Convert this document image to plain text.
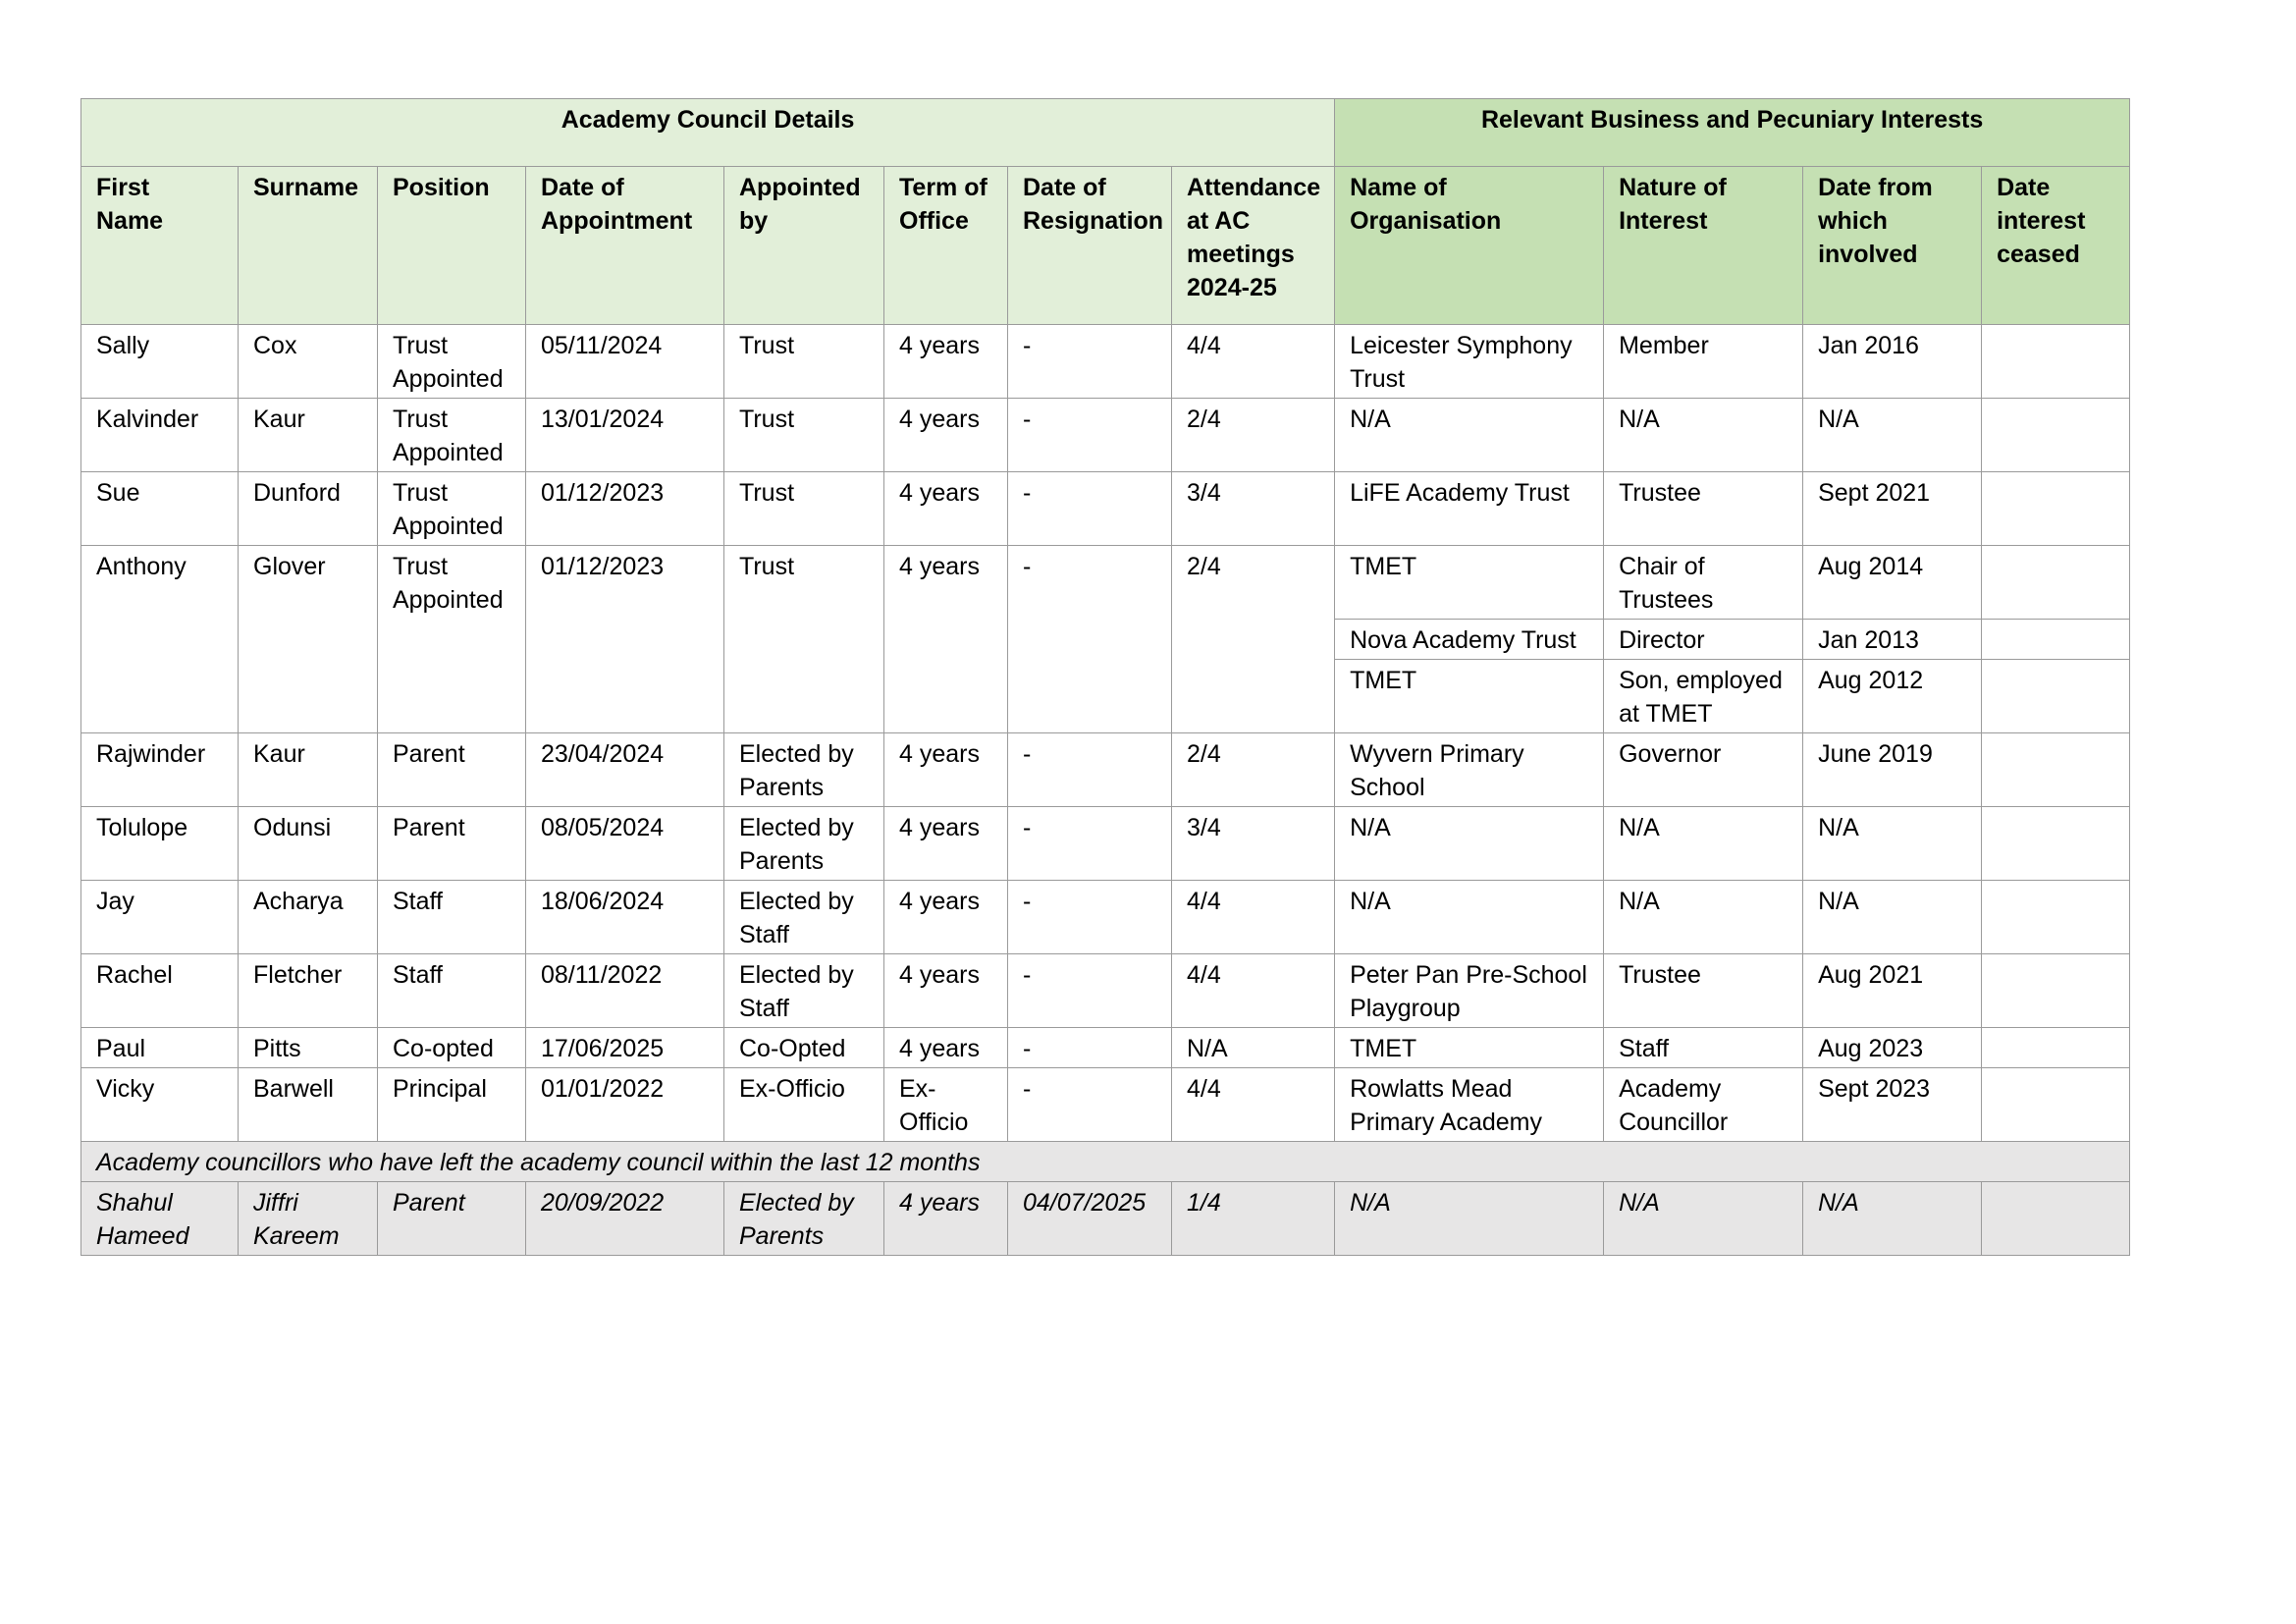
Academy Council Details								Relevant Business and Pecuniary Interests			
First Name	Surname	Position	Date of Appointment	Appointed by	Term of Office	Date of Resignation	Attendance at AC meetings 2024-25	Name of Organisation	Nature of Interest	Date from which involved	Date interest ceased
Sally	Cox	Trust Appointed	05/11/2024	Trust	4 years	-	4/4	Leicester Symphony Trust	Member	Jan 2016	
Kalvinder	Kaur	Trust Appointed	13/01/2024	Trust	4 years	-	2/4	N/A	N/A	N/A	
Sue	Dunford	Trust Appointed	01/12/2023	Trust	4 years	-	3/4	LiFE Academy Trust	Trustee	Sept 2021	
Anthony	Glover	Trust Appointed	01/12/2023	Trust	4 years	-	2/4	TMET	Chair of Trustees	Aug 2014	
								Nova Academy Trust	Director	Jan 2013	
								TMET	Son, employed at TMET	Aug 2012	
Rajwinder	Kaur	Parent	23/04/2024	Elected by Parents	4 years	-	2/4	Wyvern Primary School	Governor	June 2019	
Tolulope	Odunsi	Parent	08/05/2024	Elected by Parents	4 years	-	3/4	N/A	N/A	N/A	
Jay	Acharya	Staff	18/06/2024	Elected by Staff	4 years	-	4/4	N/A	N/A	N/A	
Rachel	Fletcher	Staff	08/11/2022	Elected by Staff	4 years	-	4/4	Peter Pan Pre-School Playgroup	Trustee	Aug 2021	
Paul	Pitts	Co-opted	17/06/2025	Co-Opted	4 years	-	N/A	TMET	Staff	Aug 2023	
Vicky	Barwell	Principal	01/01/2022	Ex-Officio	Ex-Officio	-	4/4	Rowlatts Mead Primary Academy	Academy Councillor	Sept 2023	
Academy councillors who have left the academy council within the last 12 months											
Shahul Hameed	Jiffri Kareem	Parent	20/09/2022	Elected by Parents	4 years	04/07/2025	1/4	N/A	N/A	N/A	
